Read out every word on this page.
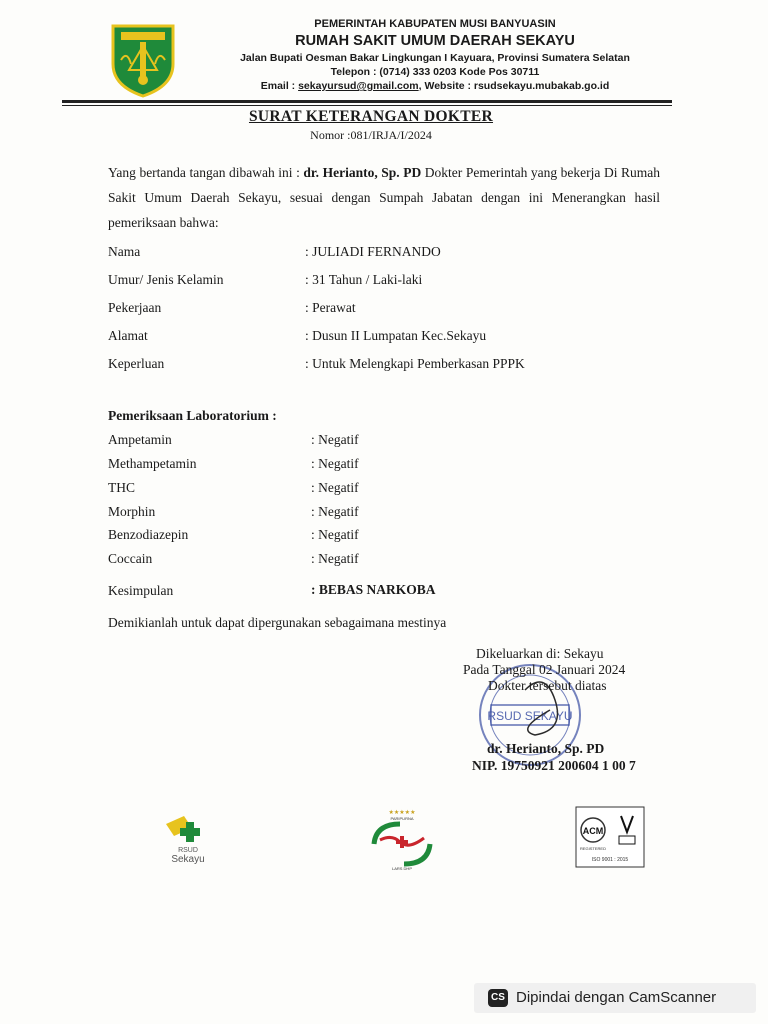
PEMERINTAH KABUPATEN MUSI BANYUASIN
RUMAH SAKIT UMUM DAERAH SEKAYU
Jalan Bupati Oesman Bakar Lingkungan I Kayuara, Provinsi Sumatera Selatan
Telepon : (0714) 333 0203 Kode Pos 30711
Email : sekayursud@gmail.com, Website : rsudsekayu.mubakab.go.id
SURAT KETERANGAN DOKTER
Nomor :081/IRJA/I/2024
Yang bertanda tangan dibawah ini : dr. Herianto, Sp. PD Dokter Pemerintah yang bekerja Di Rumah Sakit Umum Daerah Sekayu, sesuai dengan Sumpah Jabatan dengan ini Menerangkan hasil pemeriksaan bahwa:
Nama	: JULIADI FERNANDO
Umur/ Jenis Kelamin	: 31 Tahun / Laki-laki
Pekerjaan	: Perawat
Alamat	: Dusun II Lumpatan Kec.Sekayu
Keperluan	: Untuk Melengkapi Pemberkasan PPPK
Pemeriksaan Laboratorium :
Ampetamin	: Negatif
Methampetamin	: Negatif
THC	: Negatif
Morphin	: Negatif
Benzodiazepin	: Negatif
Coccain	: Negatif
Kesimpulan	: BEBAS NARKOBA
Demikianlah untuk dapat dipergunakan sebagaimana mestinya
RSUD SEKAYU
Dikeluarkan di: Sekayu
Pada Tanggal 02 Januari 2024
Dokter tersebut diatas
dr. Herianto, Sp. PD
NIP. 19750921 200604 1 00 7
RSUD
Sekayu
★★★★★
PARIPURNA
LARS DHP
ACM
REGISTERED
ISO 9001 : 2015
CS Dipindai dengan CamScanner
